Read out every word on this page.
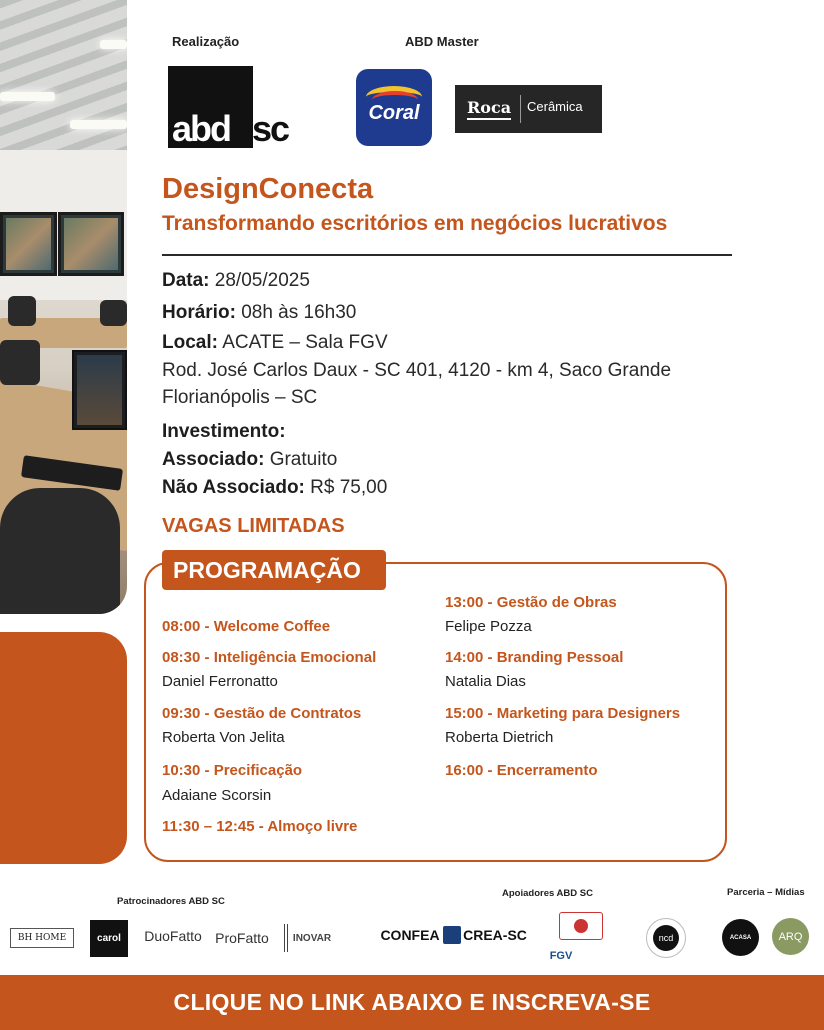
Realização	ABD Master
abd sc	Coral	Roca Cerâmica
DesignConecta
Transformando escritórios em negócios lucrativos
Data: 28/05/2025
Horário: 08h às 16h30
Local: ACATE – Sala FGV
Rod. José Carlos Daux - SC 401, 4120 - km 4, Saco Grande
Florianópolis – SC
Investimento:
Associado: Gratuito
Não Associado: R$ 75,00
VAGAS LIMITADAS
PROGRAMAÇÃO
08:00 - Welcome Coffee
08:30 - Inteligência Emocional
Daniel Ferronatto
09:30 - Gestão de Contratos
Roberta Von Jelita
10:30 - Precificação
Adaiane Scorsin
11:30 – 12:45 - Almoço livre
13:00 - Gestão de Obras
Felipe Pozza
14:00 - Branding Pessoal
Natalia Dias
15:00 - Marketing para Designers
Roberta Dietrich
16:00 - Encerramento
Patrocinadores ABD SC
Apoiadores ABD SC	Parceria – Mídias
BH HOME	carol	DuoFatto ProFatto	INOVAR	CONFEA CREA-SC
FGV
ncd	ACASA	ARQ
CLIQUE NO LINK ABAIXO E INSCREVA-SE
